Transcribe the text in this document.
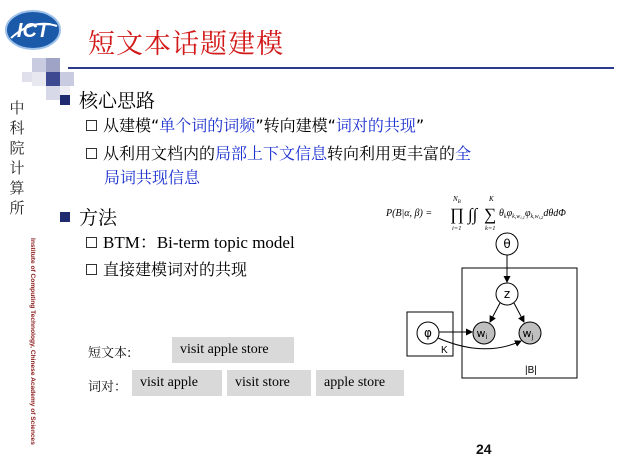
ICT 短文本话题建模
中
科
院
计
算
所
Institute of Computing Technology, Chinese Academy of Sciences
核心思路
从建模“单个词的词频”转向建模“词对的共现”
从利用文档内的局部上下文信息转向利用更丰富的全
局词共现信息
方法
BTM：Bi-term topic model
直接建模词对的共现
P(B|α, β) =
$N_B$
∏
i=1
∫∫
K
∑
k=1
$\theta_k\varphi_{k,w}i,1\varphi_{k,w}i,2d\theta d\Phi$
|B|
K
θ
z
φ	wi	wj
短文本:	visit apple store
词对： visit apple	visit store	apple store
24
